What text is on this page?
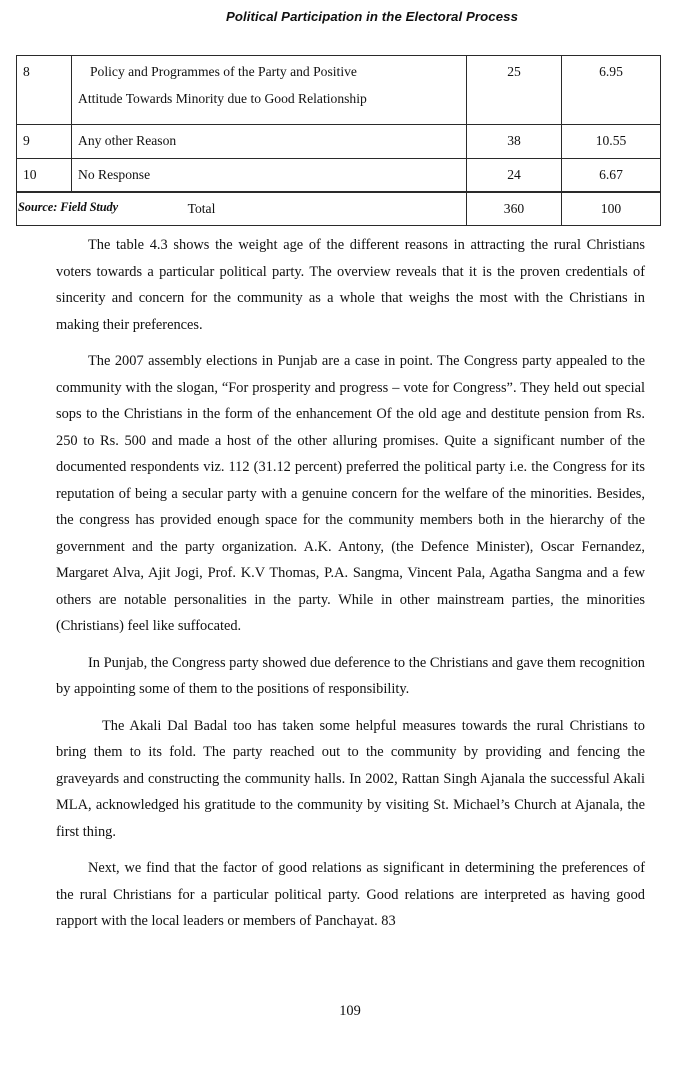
Political Participation in the Electoral Process
8	Policy and Programmes of the Party and Positive
Attitude Towards Minority due to Good Relationship	25	6.95
9	Any other Reason	38	10.55
10	No Response	24	6.67
Total		360	100
Source: Field Study

The table 4.3 shows the weight age of the different reasons in attracting the rural Christians voters towards a particular political party. The overview reveals that it is the proven credentials of sincerity and concern for the community as a whole that weighs the most with the Christians in making their preferences.

The 2007 assembly elections in Punjab are a case in point. The Congress party appealed to the community with the slogan, “For prosperity and progress – vote for Congress”. They held out special sops to the Christians in the form of the enhancement Of the old age and destitute pension from Rs. 250 to Rs. 500 and made a host of the other alluring promises. Quite a significant number of the documented respondents viz. 112 (31.12 percent) preferred the political party i.e. the Congress for its reputation of being a secular party with a genuine concern for the welfare of the minorities. Besides, the congress has provided enough space for the community members both in the hierarchy of the government and the party organization. A.K. Antony, (the Defence Minister), Oscar Fernandez, Margaret Alva, Ajit Jogi, Prof. K.V Thomas, P.A. Sangma, Vincent Pala, Agatha Sangma and a few others are notable personalities in the party. While in other mainstream parties, the minorities (Christians) feel like suffocated.

In Punjab, the Congress party showed due deference to the Christians and gave them recognition by appointing some of them to the positions of responsibility.

The Akali Dal Badal too has taken some helpful measures towards the rural Christians to bring them to its fold. The party reached out to the community by providing and fencing the graveyards and constructing the community halls. In 2002, Rattan Singh Ajanala the successful Akali MLA, acknowledged his gratitude to the community by visiting St. Michael’s Church at Ajanala, the first thing.

Next, we find that the factor of good relations as significant in determining the preferences of the rural Christians for a particular political party. Good relations are interpreted as having good rapport with the local leaders or members of Panchayat. 83

109
